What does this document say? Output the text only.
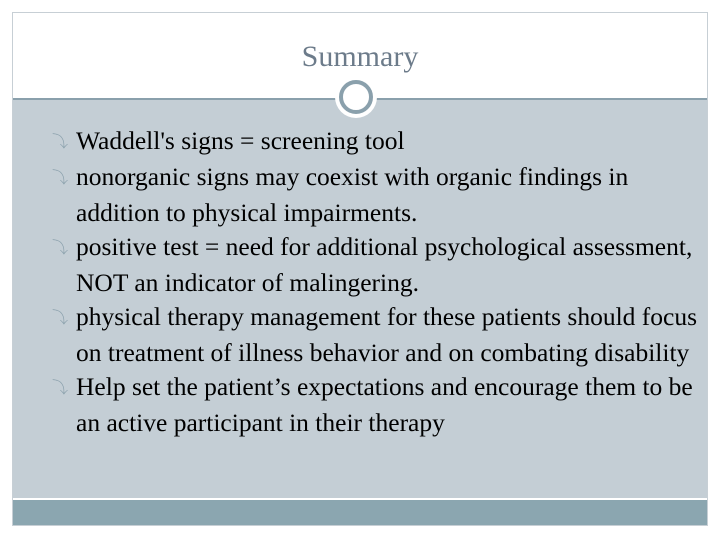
Summary
⤵ Waddell's signs = screening tool
⤵ nonorganic signs may coexist with organic findings in addition to physical impairments.
⤵ positive test = need for additional psychological assessment, NOT an indicator of malingering.
⤵ physical therapy management for these patients should focus on treatment of illness behavior and on combating disability
⤵ Help set the patient’s expectations and encourage them to be an active participant in their therapy
